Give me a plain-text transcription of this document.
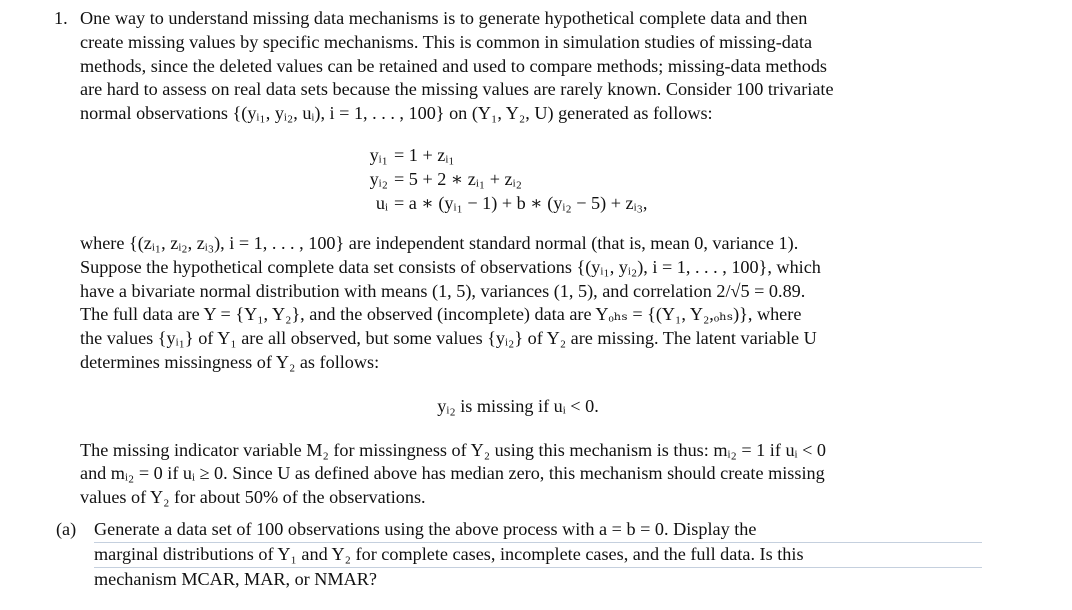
1. One way to understand missing data mechanisms is to generate hypothetical complete data and then
create missing values by specific mechanisms. This is common in simulation studies of missing-data
methods, since the deleted values can be retained and used to compare methods; missing-data methods
are hard to assess on real data sets because the missing values are rarely known. Consider 100 trivariate
normal observations {(yᵢ₁, yᵢ₂, uᵢ), i = 1, . . . , 100} on (Y₁, Y₂, U) generated as follows:

yᵢ₁ = 1 + zᵢ₁
yᵢ₂ = 5 + 2 ∗ zᵢ₁ + zᵢ₂
uᵢ = a ∗ (yᵢ₁ − 1) + b ∗ (yᵢ₂ − 5) + zᵢ₃,

where {(zᵢ₁, zᵢ₂, zᵢ₃), i = 1, . . . , 100} are independent standard normal (that is, mean 0, variance 1).
Suppose the hypothetical complete data set consists of observations {(yᵢ₁, yᵢ₂), i = 1, . . . , 100}, which
have a bivariate normal distribution with means (1, 5), variances (1, 5), and correlation 2/√5 = 0.89.
The full data are Y = {Y₁, Y₂}, and the observed (incomplete) data are Yₒₕₛ = {(Y₁, Y₂,ₒₕₛ)}, where
the values {yᵢ₁} of Y₁ are all observed, but some values {yᵢ₂} of Y₂ are missing. The latent variable U
determines missingness of Y₂ as follows:

yᵢ₂ is missing if uᵢ < 0.

The missing indicator variable M₂ for missingness of Y₂ using this mechanism is thus: mᵢ₂ = 1 if uᵢ < 0
and mᵢ₂ = 0 if uᵢ ≥ 0. Since U as defined above has median zero, this mechanism should create missing
values of Y₂ for about 50% of the observations.

(a) Generate a data set of 100 observations using the above process with a = b = 0. Display the
marginal distributions of Y₁ and Y₂ for complete cases, incomplete cases, and the full data. Is this
mechanism MCAR, MAR, or NMAR?
